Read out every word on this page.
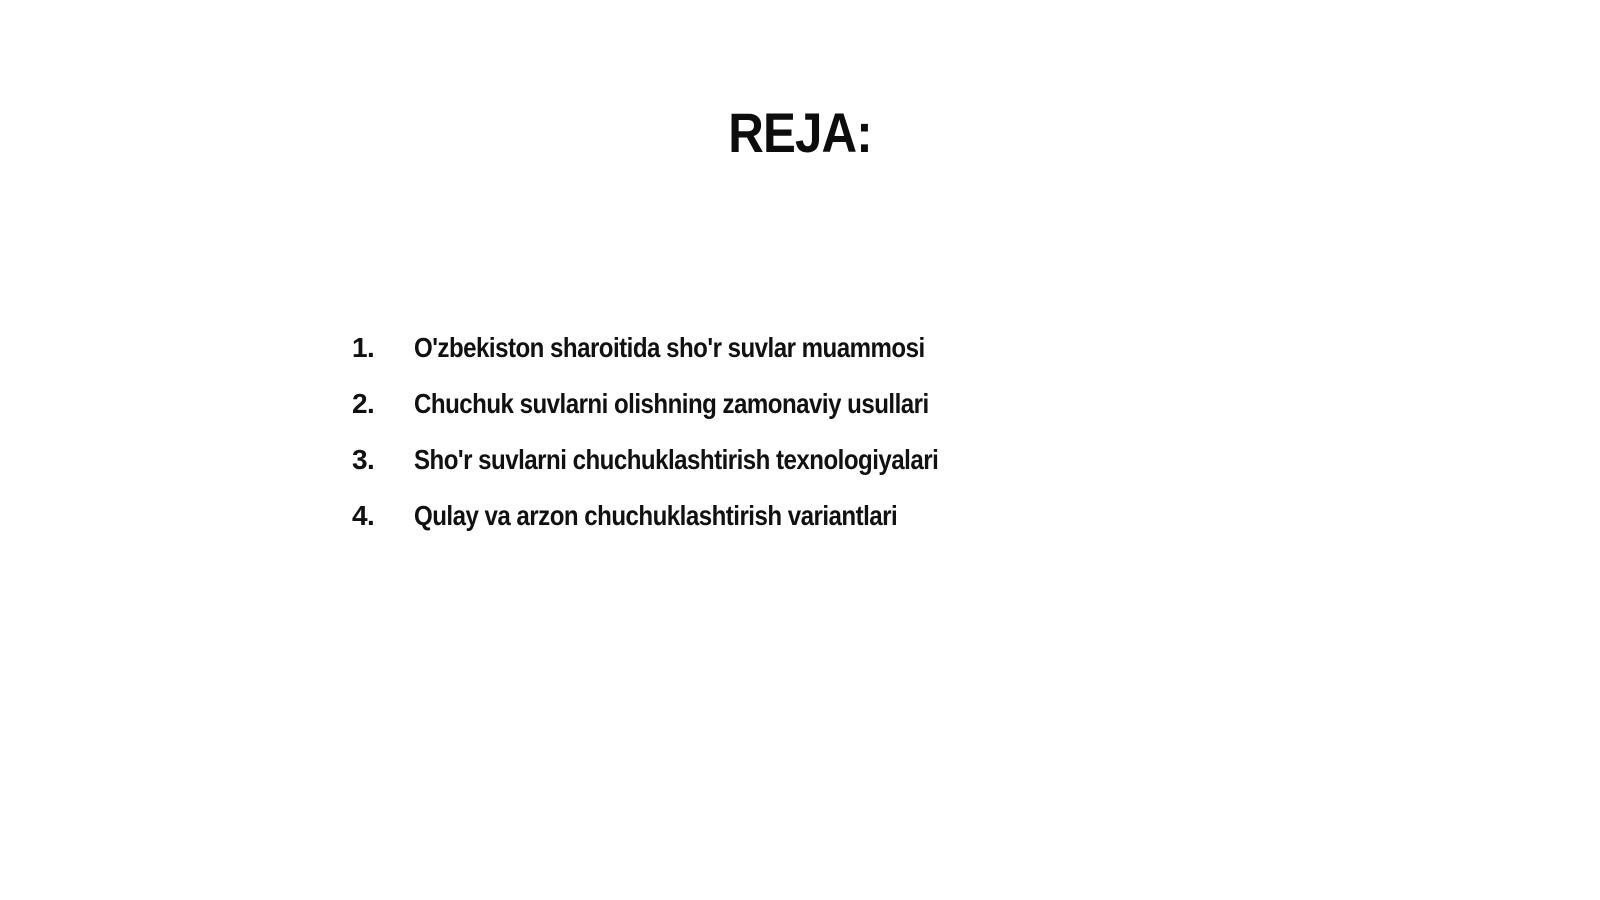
REJA:
1.	O'zbekiston sharoitida sho'r suvlar muammosi
2.	Chuchuk suvlarni olishning zamonaviy usullari
3.	Sho'r suvlarni chuchuklashtirish texnologiyalari
4.	Qulay va arzon chuchuklashtirish variantlari
